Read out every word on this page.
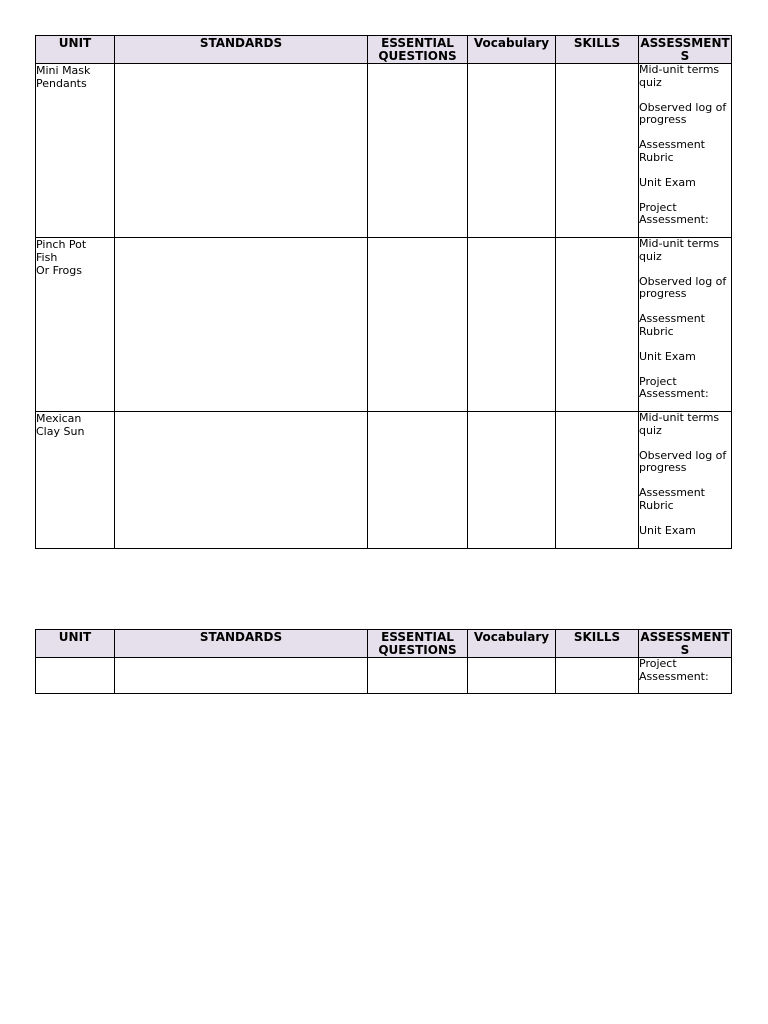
UNIT	STANDARDS	ESSENTIAL QUESTIONS	Vocabulary	SKILLS	ASSESSMENTS

Mini Mask
Pendants					Mid-unit terms quiz
Observed log of progress
Assessment Rubric
Unit Exam
Project Assessment:

Pinch Pot
Fish
Or Frogs					Mid-unit terms quiz
Observed log of progress
Assessment Rubric
Unit Exam
Project Assessment:

Mexican
Clay Sun					Mid-unit terms quiz
Observed log of progress
Assessment Rubric
Unit Exam
UNIT	STANDARDS	ESSENTIAL QUESTIONS	Vocabulary	SKILLS	ASSESSMENTS

					Project Assessment:
